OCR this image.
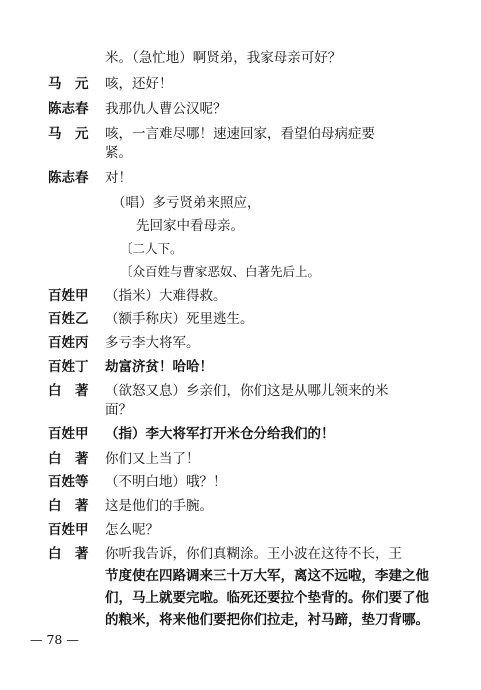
米。（急忙地）啊贤弟，我家母亲可好？
马　元	咳，还好！
陈志春	我那仇人曹公汉呢？
马　元	咳，一言难尽哪！速速回家，看望伯母病症要
紧。
陈志春	对！
（唱）多亏贤弟来照应，
先回家中看母亲。
〔二人下。
〔众百姓与曹家恶奴、白著先后上。
百姓甲	（指米）大难得救。
百姓乙	（额手称庆）死里逃生。
百姓丙	多亏李大将军。
百姓丁	劫富济贫！哈哈！
白　著	（欲怒又息）乡亲们，你们这是从哪儿领来的米
面？
百姓甲	（指）李大将军打开米仓分给我们的！
白　著	你们又上当了！
百姓等	（不明白地）哦？！
白　著	这是他们的手腕。
百姓甲	怎么呢？
白　著	你听我告诉，你们真糊涂。王小波在这待不长，王
节度使在四路调来三十万大军，离这不远啦，李建之他
们，马上就要完啦。临死还要拉个垫背的。你们要了他
的粮米，将来他们要把你们拉走，衬马蹄，垫刀背哪。
— 78 —
